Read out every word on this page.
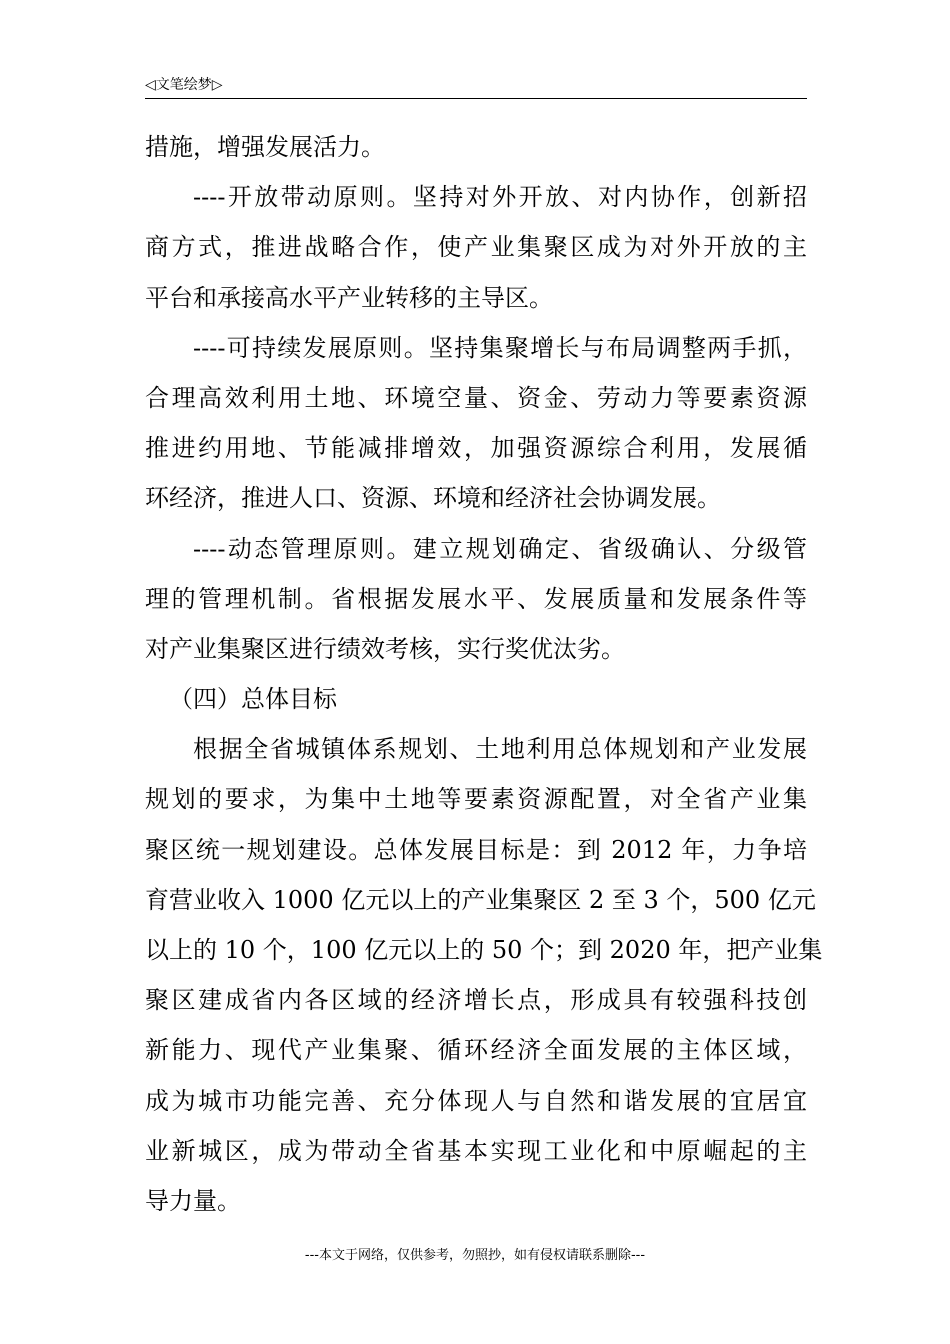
◁文笔绘梦▷
措施，增强发展活力。
----开放带动原则。坚持对外开放、对内协作，创新招
商方式，推进战略合作，使产业集聚区成为对外开放的主
平台和承接高水平产业转移的主导区。
----可持续发展原则。坚持集聚增长与布局调整两手抓，
合理高效利用土地、环境空量、资金、劳动力等要素资源
推进约用地、节能减排增效，加强资源综合利用，发展循
环经济，推进人口、资源、环境和经济社会协调发展。
----动态管理原则。建立规划确定、省级确认、分级管
理的管理机制。省根据发展水平、发展质量和发展条件等
对产业集聚区进行绩效考核，实行奖优汰劣。
（四）总体目标
根据全省城镇体系规划、土地利用总体规划和产业发展
规划的要求，为集中土地等要素资源配置，对全省产业集
聚区统一规划建设。总体发展目标是：到 2012 年，力争培
育营业收入 1000 亿元以上的产业集聚区 2 至 3 个，500 亿元
以上的 10 个，100 亿元以上的 50 个；到 2020 年，把产业集
聚区建成省内各区域的经济增长点，形成具有较强科技创
新能力、现代产业集聚、循环经济全面发展的主体区域，
成为城市功能完善、充分体现人与自然和谐发展的宜居宜
业新城区，成为带动全省基本实现工业化和中原崛起的主
导力量。
---本文于网络，仅供参考，勿照抄，如有侵权请联系删除---
